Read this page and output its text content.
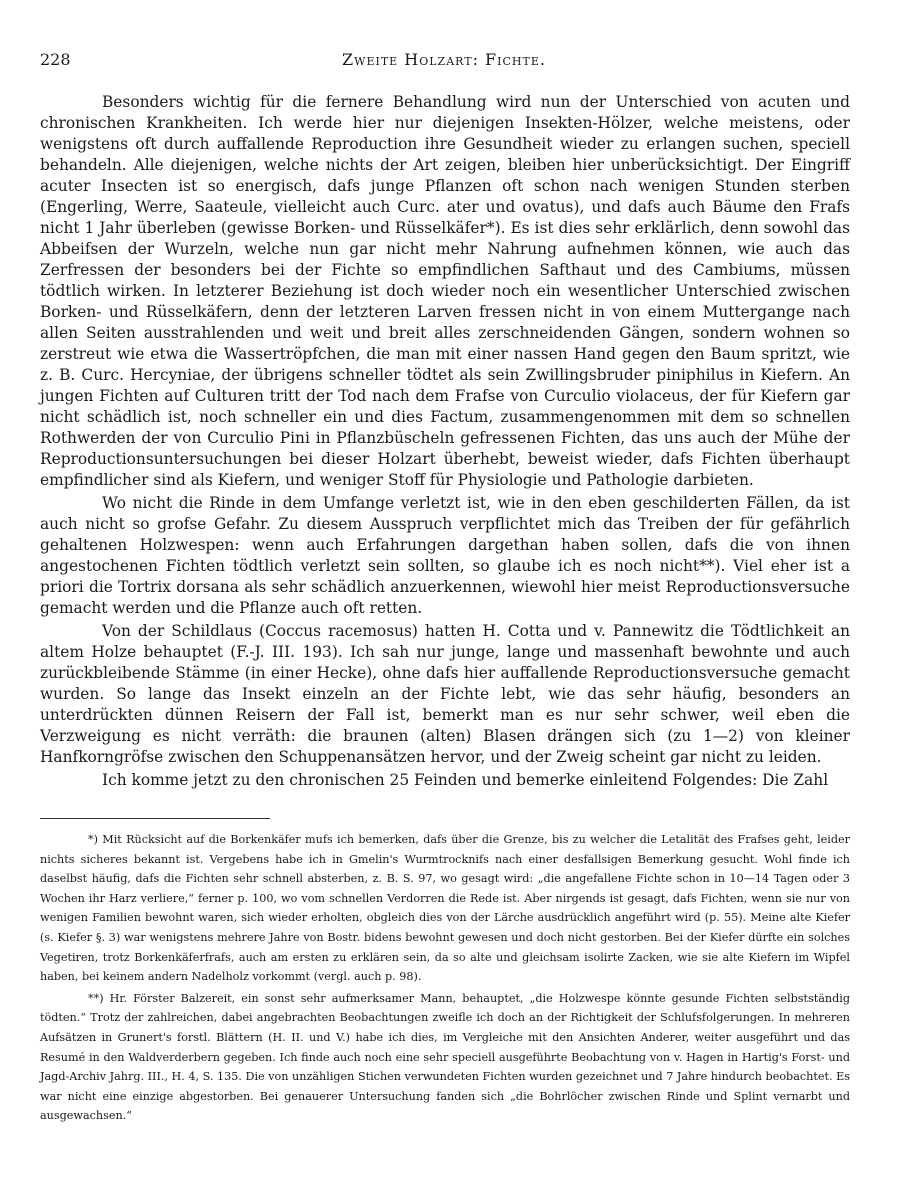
228	Zweite Holzart: Fichte.

Besonders wichtig für die fernere Behandlung wird nun der Unterschied von acuten und chronischen Krankheiten. Ich werde hier nur diejenigen Insekten-Hölzer, welche meistens, oder wenigstens oft durch auffallende Reproduction ihre Gesundheit wieder zu erlangen suchen, speciell behandeln. Alle diejenigen, welche nichts der Art zeigen, bleiben hier unberücksichtigt. Der Eingriff acuter Insecten ist so energisch, dafs junge Pflanzen oft schon nach wenigen Stunden sterben (Engerling, Werre, Saateule, vielleicht auch Curc. ater und ovatus), und dafs auch Bäume den Frafs nicht 1 Jahr überleben (gewisse Borken- und Rüsselkäfer*). Es ist dies sehr erklärlich, denn sowohl das Abbeifsen der Wurzeln, welche nun gar nicht mehr Nahrung aufnehmen können, wie auch das Zerfressen der besonders bei der Fichte so empfindlichen Safthaut und des Cambiums, müssen tödtlich wirken. In letzterer Beziehung ist doch wieder noch ein wesentlicher Unterschied zwischen Borken- und Rüsselkäfern, denn der letzteren Larven fressen nicht in von einem Muttergange nach allen Seiten ausstrahlenden und weit und breit alles zerschneidenden Gängen, sondern wohnen so zerstreut wie etwa die Wassertröpfchen, die man mit einer nassen Hand gegen den Baum spritzt, wie z. B. Curc. Hercyniae, der übrigens schneller tödtet als sein Zwillingsbruder piniphilus in Kiefern. An jungen Fichten auf Culturen tritt der Tod nach dem Frafse von Curculio violaceus, der für Kiefern gar nicht schädlich ist, noch schneller ein und dies Factum, zusammengenommen mit dem so schnellen Rothwerden der von Curculio Pini in Pflanzbüscheln gefressenen Fichten, das uns auch der Mühe der Reproductionsuntersuchungen bei dieser Holzart überhebt, beweist wieder, dafs Fichten überhaupt empfindlicher sind als Kiefern, und weniger Stoff für Physiologie und Pathologie darbieten.

Wo nicht die Rinde in dem Umfange verletzt ist, wie in den eben geschilderten Fällen, da ist auch nicht so grofse Gefahr. Zu diesem Ausspruch verpflichtet mich das Treiben der für gefährlich gehaltenen Holzwespen: wenn auch Erfahrungen dargethan haben sollen, dafs die von ihnen angestochenen Fichten tödtlich verletzt sein sollten, so glaube ich es noch nicht**). Viel eher ist a priori die Tortrix dorsana als sehr schädlich anzuerkennen, wiewohl hier meist Reproductionsversuche gemacht werden und die Pflanze auch oft retten.

Von der Schildlaus (Coccus racemosus) hatten H. Cotta und v. Pannewitz die Tödtlichkeit an altem Holze behauptet (F.-J. III. 193). Ich sah nur junge, lange und massenhaft bewohnte und auch zurückbleibende Stämme (in einer Hecke), ohne dafs hier auffallende Reproductionsversuche gemacht wurden. So lange das Insekt einzeln an der Fichte lebt, wie das sehr häufig, besonders an unterdrückten dünnen Reisern der Fall ist, bemerkt man es nur sehr schwer, weil eben die Verzweigung es nicht verräth: die braunen (alten) Blasen drängen sich (zu 1—2) von kleiner Hanfkorngröfse zwischen den Schuppenansätzen hervor, und der Zweig scheint gar nicht zu leiden.

Ich komme jetzt zu den chronischen 25 Feinden und bemerke einleitend Folgendes: Die Zahl

*) Mit Rücksicht auf die Borkenkäfer mufs ich bemerken, dafs über die Grenze, bis zu welcher die Letalität des Frafses geht, leider nichts sicheres bekannt ist. Vergebens habe ich in Gmelin's Wurmtrocknifs nach einer desfallsigen Bemerkung gesucht. Wohl finde ich daselbst häufig, dafs die Fichten sehr schnell absterben, z. B. S. 97, wo gesagt wird: „die angefallene Fichte schon in 10—14 Tagen oder 3 Wochen ihr Harz verliere,“ ferner p. 100, wo vom schnellen Verdorren die Rede ist. Aber nirgends ist gesagt, dafs Fichten, wenn sie nur von wenigen Familien bewohnt waren, sich wieder erholten, obgleich dies von der Lärche ausdrücklich angeführt wird (p. 55). Meine alte Kiefer (s. Kiefer §. 3) war wenigstens mehrere Jahre von Bostr. bidens bewohnt gewesen und doch nicht gestorben. Bei der Kiefer dürfte ein solches Vegetiren, trotz Borkenkäferfrafs, auch am ersten zu erklären sein, da so alte und gleichsam isolirte Zacken, wie sie alte Kiefern im Wipfel haben, bei keinem andern Nadelholz vorkommt (vergl. auch p. 98).

**) Hr. Förster Balzereit, ein sonst sehr aufmerksamer Mann, behauptet, „die Holzwespe könnte gesunde Fichten selbstständig tödten.“ Trotz der zahlreichen, dabei angebrachten Beobachtungen zweifle ich doch an der Richtigkeit der Schlufsfolgerungen. In mehreren Aufsätzen in Grunert's forstl. Blättern (H. II. und V.) habe ich dies, im Vergleiche mit den Ansichten Anderer, weiter ausgeführt und das Resumé in den Waldverderbern gegeben. Ich finde auch noch eine sehr speciell ausgeführte Beobachtung von v. Hagen in Hartig's Forst- und Jagd-Archiv Jahrg. III., H. 4, S. 135. Die von unzähligen Stichen verwundeten Fichten wurden gezeichnet und 7 Jahre hindurch beobachtet. Es war nicht eine einzige abgestorben. Bei genauerer Untersuchung fanden sich „die Bohrlöcher zwischen Rinde und Splint vernarbt und ausgewachsen.“
